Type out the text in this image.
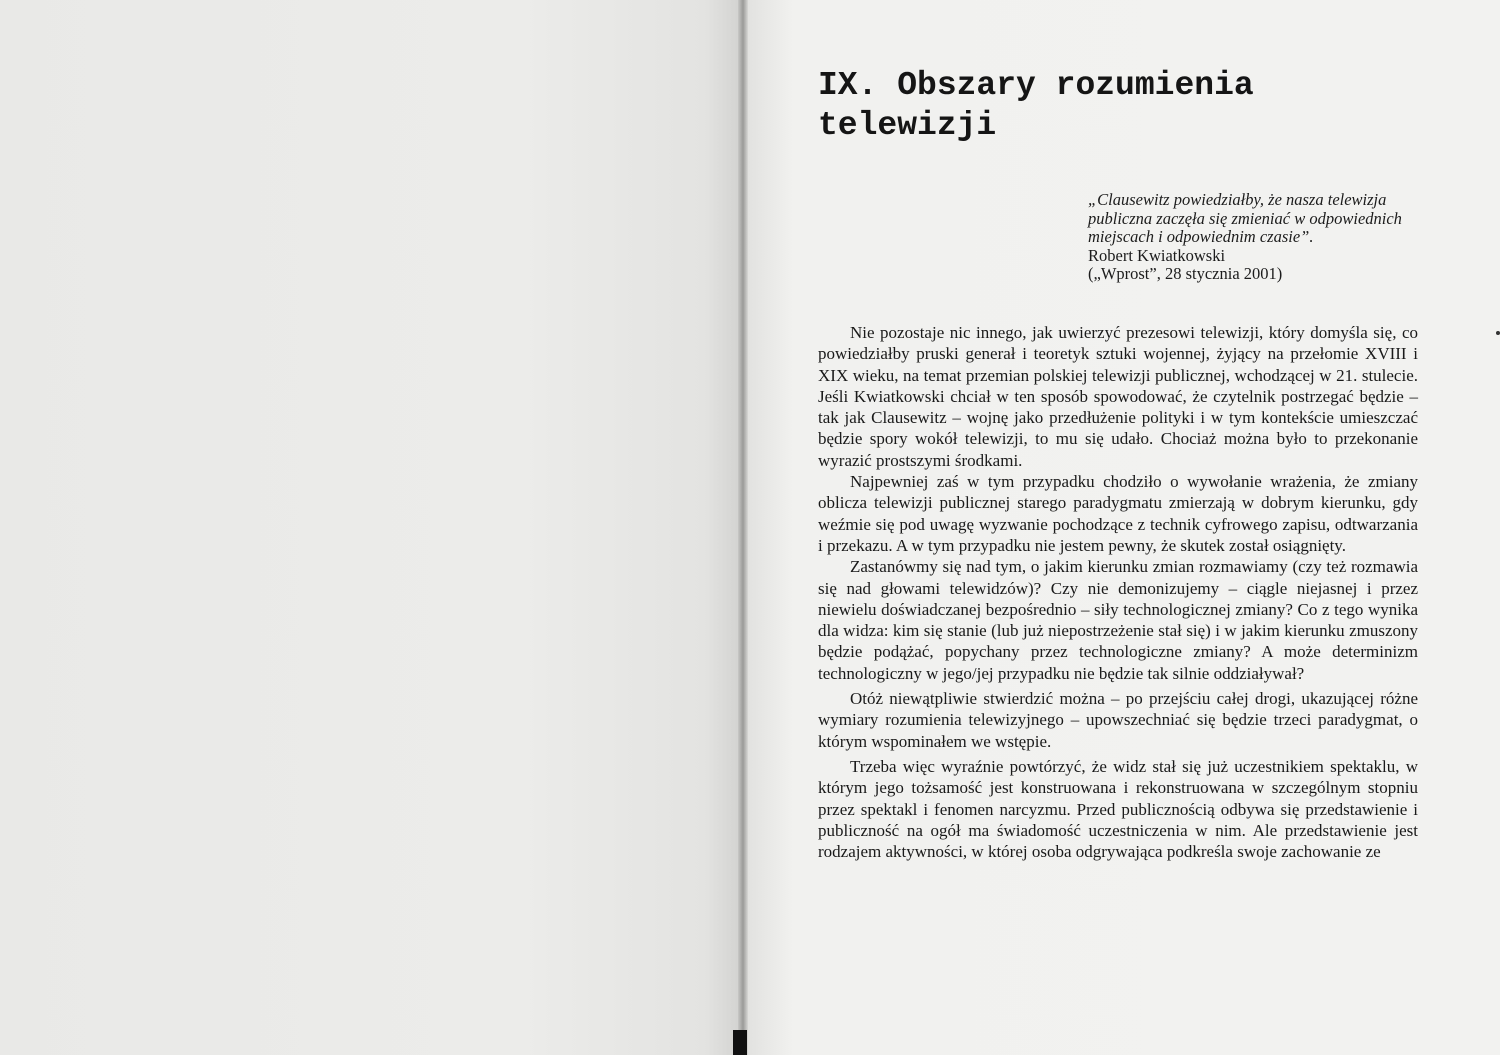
IX. Obszary rozumienia telewizji
„Clausewitz powiedziałby, że nasza telewizja publiczna zaczęła się zmieniać w odpowiednich miejscach i odpowiednim czasie”.
Robert Kwiatkowski
(„Wprost”, 28 stycznia 2001)

Nie pozostaje nic innego, jak uwierzyć prezesowi telewizji, który domyśla się, co powiedziałby pruski generał i teoretyk sztuki wojennej, żyjący na przełomie XVIII i XIX wieku, na temat przemian polskiej telewizji publicznej, wchodzącej w 21. stulecie. Jeśli Kwiatkowski chciał w ten sposób spowodować, że czytelnik postrzegać będzie – tak jak Clausewitz – wojnę jako przedłużenie polityki i w tym kontekście umieszczać będzie spory wokół telewizji, to mu się udało. Chociaż można było to przekonanie wyrazić prostszymi środkami.

Najpewniej zaś w tym przypadku chodziło o wywołanie wrażenia, że zmiany oblicza telewizji publicznej starego paradygmatu zmierzają w dobrym kierunku, gdy weźmie się pod uwagę wyzwanie pochodzące z technik cyfrowego zapisu, odtwarzania i przekazu. A w tym przypadku nie jestem pewny, że skutek został osiągnięty.

Zastanówmy się nad tym, o jakim kierunku zmian rozmawiamy (czy też rozmawia się nad głowami telewidzów)? Czy nie demonizujemy – ciągle niejasnej i przez niewielu doświadczanej bezpośrednio – siły technologicznej zmiany? Co z tego wynika dla widza: kim się stanie (lub już niepostrzeżenie stał się) i w jakim kierunku zmuszony będzie podążać, popychany przez technologiczne zmiany? A może determinizm technologiczny w jego/jej przypadku nie będzie tak silnie oddziaływał?

Otóż niewątpliwie stwierdzić można – po przejściu całej drogi, ukazującej różne wymiary rozumienia telewizyjnego – upowszechniać się będzie trzeci paradygmat, o którym wspominałem we wstępie.

Trzeba więc wyraźnie powtórzyć, że widz stał się już uczestnikiem spektaklu, w którym jego tożsamość jest konstruowana i rekonstruowana w szczególnym stopniu przez spektakl i fenomen narcyzmu. Przed publicznością odbywa się przedstawienie i publiczność na ogół ma świadomość uczestniczenia w nim. Ale przedstawienie jest rodzajem aktywności, w której osoba odgrywająca podkreśla swoje zachowanie ze
